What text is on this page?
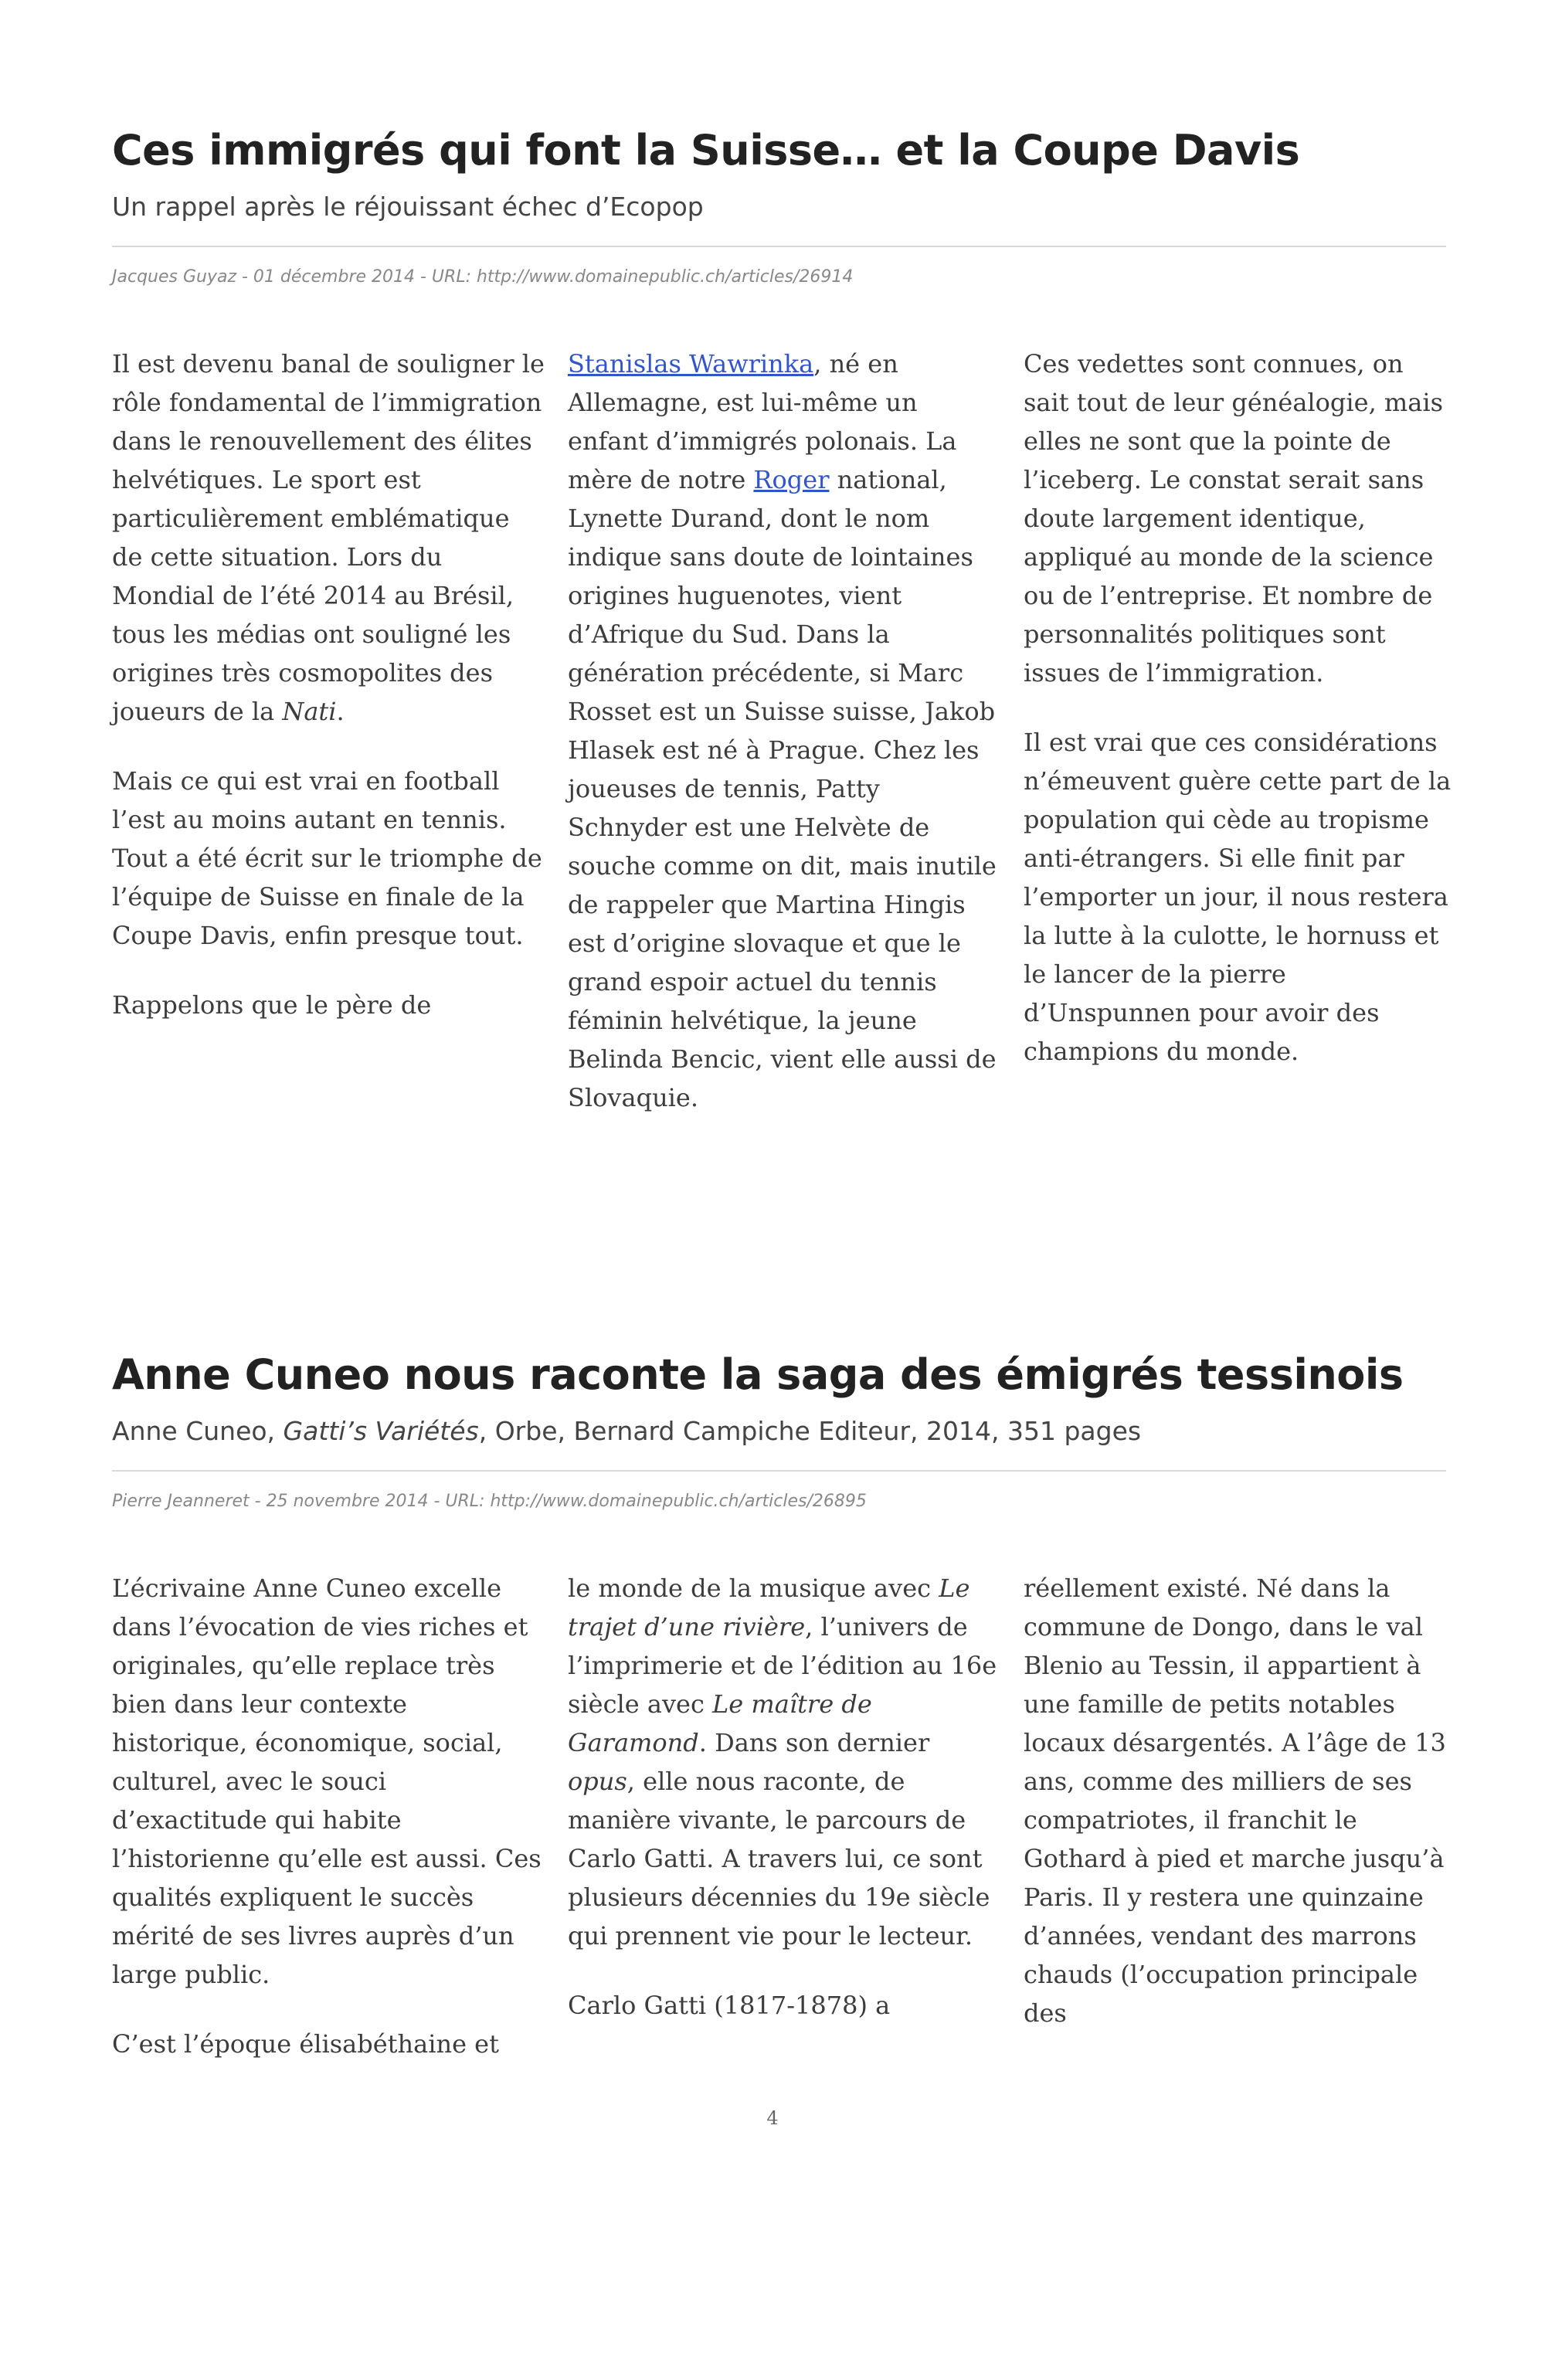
Ces immigrés qui font la Suisse… et la Coupe Davis
Un rappel après le réjouissant échec d’Ecopop
Jacques Guyaz - 01 décembre 2014 - URL: http://www.domainepublic.ch/articles/26914

Il est devenu banal de souligner le rôle fondamental de l’immigration dans le renouvellement des élites helvétiques. Le sport est particulièrement emblématique de cette situation. Lors du Mondial de l’été 2014 au Brésil, tous les médias ont souligné les origines très cosmopolites des joueurs de la Nati.

Mais ce qui est vrai en football l’est au moins autant en tennis. Tout a été écrit sur le triomphe de l’équipe de Suisse en finale de la Coupe Davis, enfin presque tout.

Rappelons que le père de

Stanislas Wawrinka, né en Allemagne, est lui-même un enfant d’immigrés polonais. La mère de notre Roger national, Lynette Durand, dont le nom indique sans doute de lointaines origines huguenotes, vient d’Afrique du Sud. Dans la génération précédente, si Marc Rosset est un Suisse suisse, Jakob Hlasek est né à Prague. Chez les joueuses de tennis, Patty Schnyder est une Helvète de souche comme on dit, mais inutile de rappeler que Martina Hingis est d’origine slovaque et que le grand espoir actuel du tennis féminin helvétique, la jeune Belinda Bencic, vient elle aussi de Slovaquie.

Ces vedettes sont connues, on sait tout de leur généalogie, mais elles ne sont que la pointe de l’iceberg. Le constat serait sans doute largement identique, appliqué au monde de la science ou de l’entreprise. Et nombre de personnalités politiques sont issues de l’immigration.

Il est vrai que ces considérations n’émeuvent guère cette part de la population qui cède au tropisme anti-étrangers. Si elle finit par l’emporter un jour, il nous restera la lutte à la culotte, le hornuss et le lancer de la pierre d’Unspunnen pour avoir des champions du monde.

Anne Cuneo nous raconte la saga des émigrés tessinois
Anne Cuneo, Gatti’s Variétés, Orbe, Bernard Campiche Editeur, 2014, 351 pages
Pierre Jeanneret - 25 novembre 2014 - URL: http://www.domainepublic.ch/articles/26895

L’écrivaine Anne Cuneo excelle dans l’évocation de vies riches et originales, qu’elle replace très bien dans leur contexte historique, économique, social, culturel, avec le souci d’exactitude qui habite l’historienne qu’elle est aussi. Ces qualités expliquent le succès mérité de ses livres auprès d’un large public.

C’est l’époque élisabéthaine et

le monde de la musique avec Le trajet d’une rivière, l’univers de l’imprimerie et de l’édition au 16e siècle avec Le maître de Garamond. Dans son dernier opus, elle nous raconte, de manière vivante, le parcours de Carlo Gatti. A travers lui, ce sont plusieurs décennies du 19e siècle qui prennent vie pour le lecteur.

Carlo Gatti (1817-1878) a

réellement existé. Né dans la commune de Dongo, dans le val Blenio au Tessin, il appartient à une famille de petits notables locaux désargentés. A l’âge de 13 ans, comme des milliers de ses compatriotes, il franchit le Gothard à pied et marche jusqu’à Paris. Il y restera une quinzaine d’années, vendant des marrons chauds (l’occupation principale des

4
